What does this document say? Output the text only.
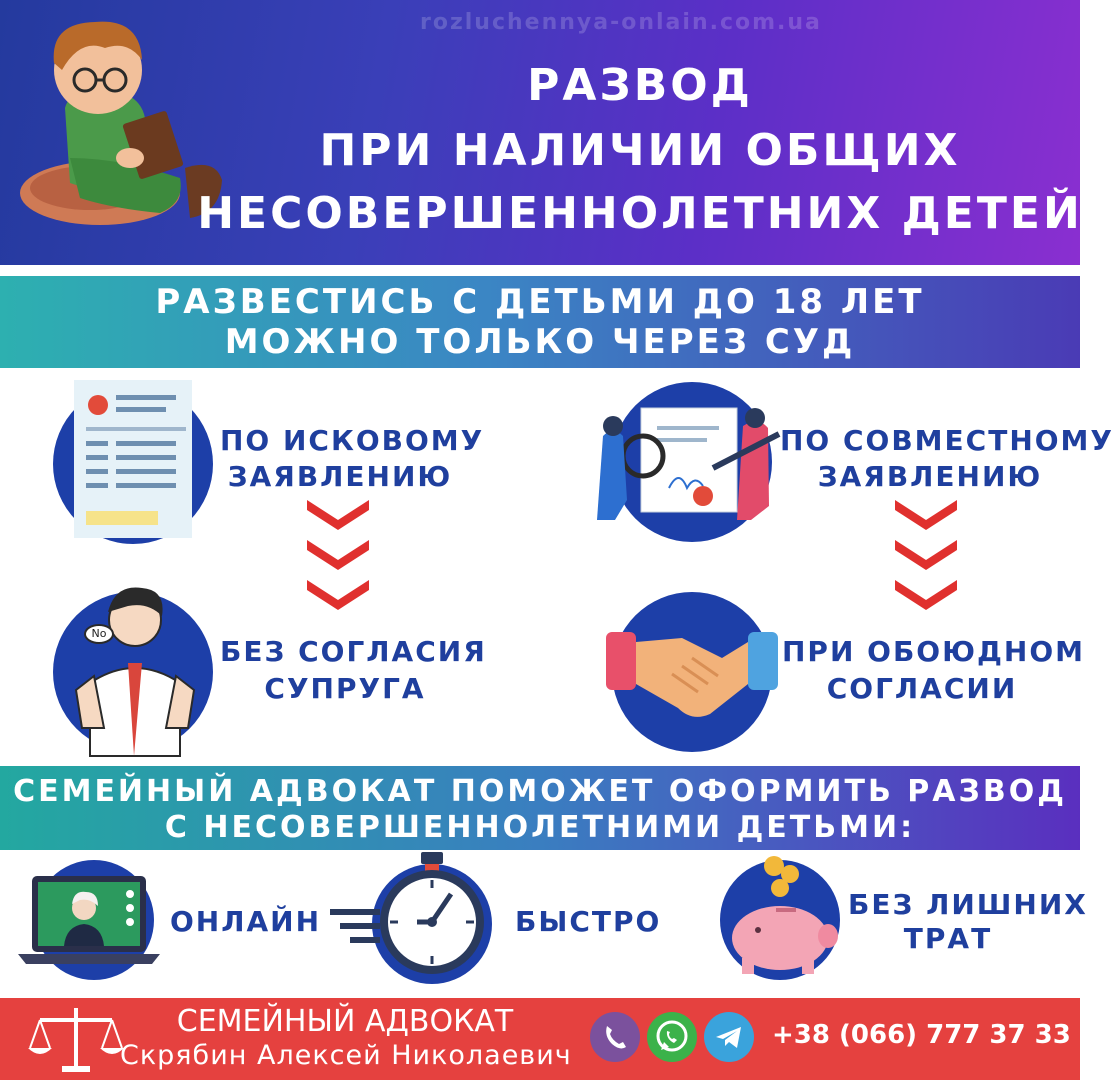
rozluchennya-onlain.com.ua
РАЗВОД
ПРИ НАЛИЧИИ ОБЩИХ
НЕСОВЕРШЕННОЛЕТНИХ ДЕТЕЙ
РАЗВЕСТИСЬ С ДЕТЬМИ ДО 18 ЛЕТ
МОЖНО ТОЛЬКО ЧЕРЕЗ СУД
ПО ИСКОВОМУ
ЗАЯВЛЕНИЮ
No
БЕЗ СОГЛАСИЯ
СУПРУГА
ПО СОВМЕСТНОМУ
ЗАЯВЛЕНИЮ
ПРИ ОБОЮДНОМ
СОГЛАСИИ
СЕМЕЙНЫЙ АДВОКАТ ПОМОЖЕТ ОФОРМИТЬ РАЗВОД
С НЕСОВЕРШЕННОЛЕТНИМИ ДЕТЬМИ:
ОНЛАЙН	БЫСТРО
БЕЗ ЛИШНИХ
ТРАТ
СЕМЕЙНЫЙ АДВОКАТ
Скрябин Алексей Николаевич
+38 (066) 777 37 33
